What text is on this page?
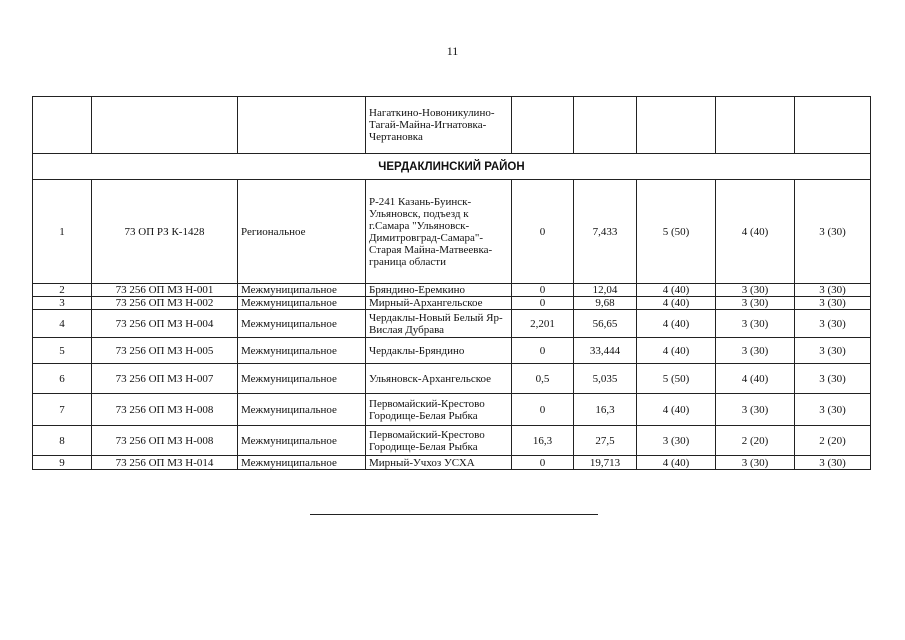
11
			Нагаткино-Новоникулино-Тагай-Майна-Игнатовка-Чертановка					
ЧЕРДАКЛИНСКИЙ РАЙОН								
1	73 ОП РЗ К-1428	Региональное	Р-241 Казань-Буинск-Ульяновск, подъезд к г.Самара "Ульяновск-Димитровград-Самара"-Старая Майна-Матвеевка-граница области	0	7,433	5 (50)	4 (40)	3 (30)
2	73 256 ОП МЗ Н-001	Межмуниципальное	Бряндино-Еремкино	0	12,04	4 (40)	3 (30)	3 (30)
3	73 256 ОП МЗ Н-002	Межмуниципальное	Мирный-Архангельское	0	9,68	4 (40)	3 (30)	3 (30)
4	73 256 ОП МЗ Н-004	Межмуниципальное	Чердаклы-Новый Белый Яр-Вислая Дубрава	2,201	56,65	4 (40)	3 (30)	3 (30)
5	73 256 ОП МЗ Н-005	Межмуниципальное	Чердаклы-Бряндино	0	33,444	4 (40)	3 (30)	3 (30)
6	73 256 ОП МЗ Н-007	Межмуниципальное	Ульяновск-Архангельское	0,5	5,035	5 (50)	4 (40)	3 (30)
7	73 256 ОП МЗ Н-008	Межмуниципальное	Первомайский-Крестово Городище-Белая Рыбка	0	16,3	4 (40)	3 (30)	3 (30)
8	73 256 ОП МЗ Н-008	Межмуниципальное	Первомайский-Крестово Городище-Белая Рыбка	16,3	27,5	3 (30)	2 (20)	2 (20)
9	73 256 ОП МЗ Н-014	Межмуниципальное	Мирный-Учхоз УСХА	0	19,713	4 (40)	3 (30)	3 (30)
